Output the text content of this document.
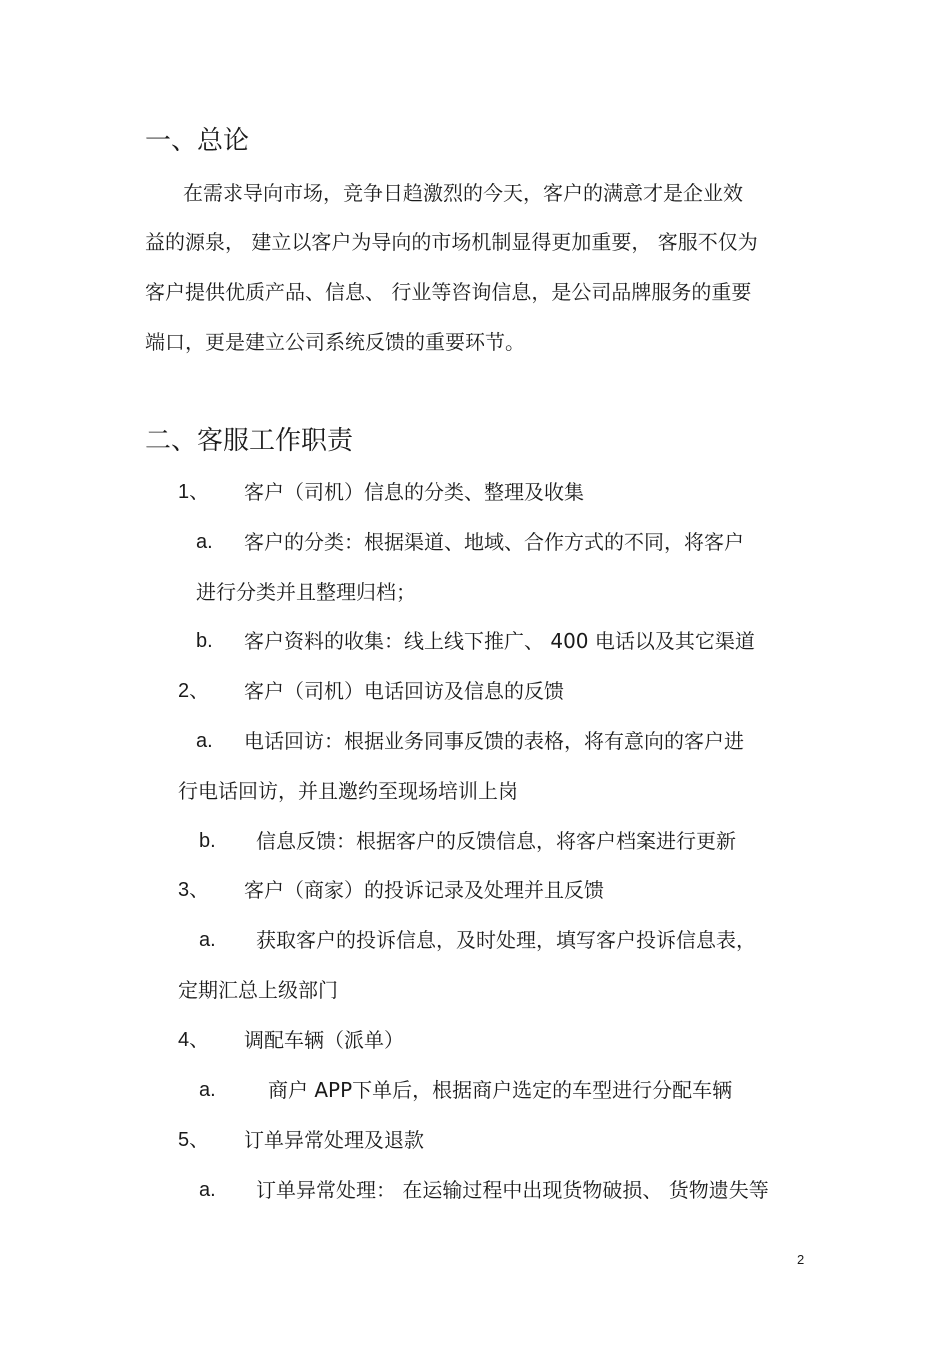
一、总论
在需求导向市场，竞争日趋激烈的今天，客户的满意才是企业效
益的源泉， 建立以客户为导向的市场机制显得更加重要， 客服不仅为
客户提供优质产品、信息、 行业等咨询信息，是公司品牌服务的重要
端口，更是建立公司系统反馈的重要环节。
二、客服工作职责
1、 客户（司机）信息的分类、整理及收集
a. 客户的分类：根据渠道、地域、合作方式的不同，将客户
进行分类并且整理归档；
b. 客户资料的收集：线上线下推广、 400 电话以及其它渠道
2、 客户（司机）电话回访及信息的反馈
a. 电话回访：根据业务同事反馈的表格，将有意向的客户进
行电话回访，并且邀约至现场培训上岗
b. 信息反馈：根据客户的反馈信息，将客户档案进行更新
3、 客户（商家）的投诉记录及处理并且反馈
a. 获取客户的投诉信息，及时处理，填写客户投诉信息表，
定期汇总上级部门
4、 调配车辆（派单）
a.	商户 APP下单后，根据商户选定的车型进行分配车辆
5、 订单异常处理及退款
a. 订单异常处理： 在运输过程中出现货物破损、 货物遗失等
2
